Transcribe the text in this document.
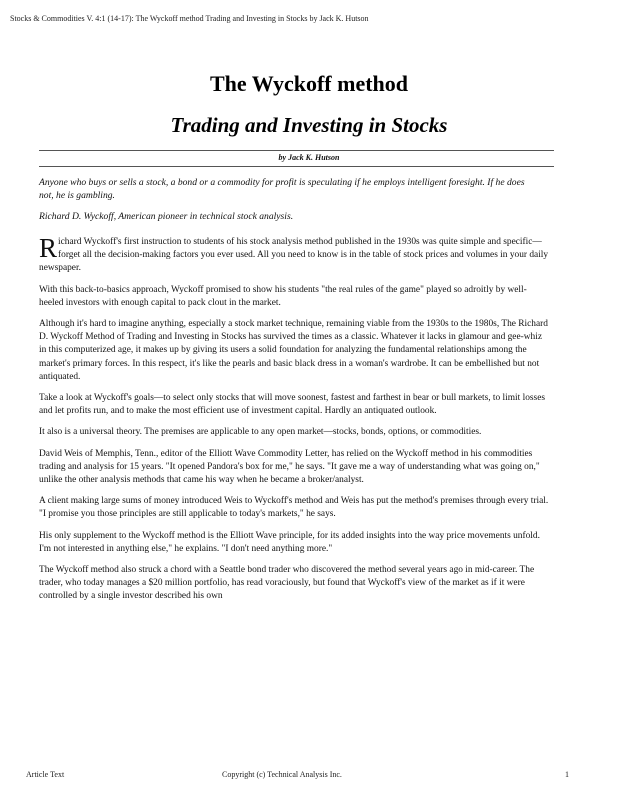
Stocks & Commodities V. 4:1 (14-17): The Wyckoff method Trading and Investing in Stocks by Jack K. Hutson
The Wyckoff method
Trading and Investing in Stocks
by Jack K. Hutson

Anyone who buys or sells a stock, a bond or a commodity for profit is speculating if he employs intelligent foresight. If he does not, he is gambling.

Richard D. Wyckoff, American pioneer in technical stock analysis.

Richard Wyckoff's first instruction to students of his stock analysis method published in the 1930s was quite simple and specific—forget all the decision-making factors you ever used. All you need to know is in the table of stock prices and volumes in your daily newspaper.

With this back-to-basics approach, Wyckoff promised to show his students "the real rules of the game" played so adroitly by well-heeled investors with enough capital to pack clout in the market.

Although it's hard to imagine anything, especially a stock market technique, remaining viable from the 1930s to the 1980s, The Richard D. Wyckoff Method of Trading and Investing in Stocks has survived the times as a classic. Whatever it lacks in glamour and gee-whiz in this computerized age, it makes up by giving its users a solid foundation for analyzing the fundamental relationships among the market's primary forces. In this respect, it's like the pearls and basic black dress in a woman's wardrobe. It can be embellished but not antiquated.

Take a look at Wyckoff's goals—to select only stocks that will move soonest, fastest and farthest in bear or bull markets, to limit losses and let profits run, and to make the most efficient use of investment capital. Hardly an antiquated outlook.

It also is a universal theory. The premises are applicable to any open market—stocks, bonds, options, or commodities.

David Weis of Memphis, Tenn., editor of the Elliott Wave Commodity Letter, has relied on the Wyckoff method in his commodities trading and analysis for 15 years. "It opened Pandora's box for me," he says. "It gave me a way of understanding what was going on," unlike the other analysis methods that came his way when he became a broker/analyst.

A client making large sums of money introduced Weis to Wyckoff's method and Weis has put the method's premises through every trial. "I promise you those principles are still applicable to today's markets," he says.

His only supplement to the Wyckoff method is the Elliott Wave principle, for its added insights into the way price movements unfold. I'm not interested in anything else," he explains. "I don't need anything more."

The Wyckoff method also struck a chord with a Seattle bond trader who discovered the method several years ago in mid-career. The trader, who today manages a $20 million portfolio, has read voraciously, but found that Wyckoff's view of the market as if it were controlled by a single investor described his own

Article Text	Copyright (c) Technical Analysis Inc.	1
